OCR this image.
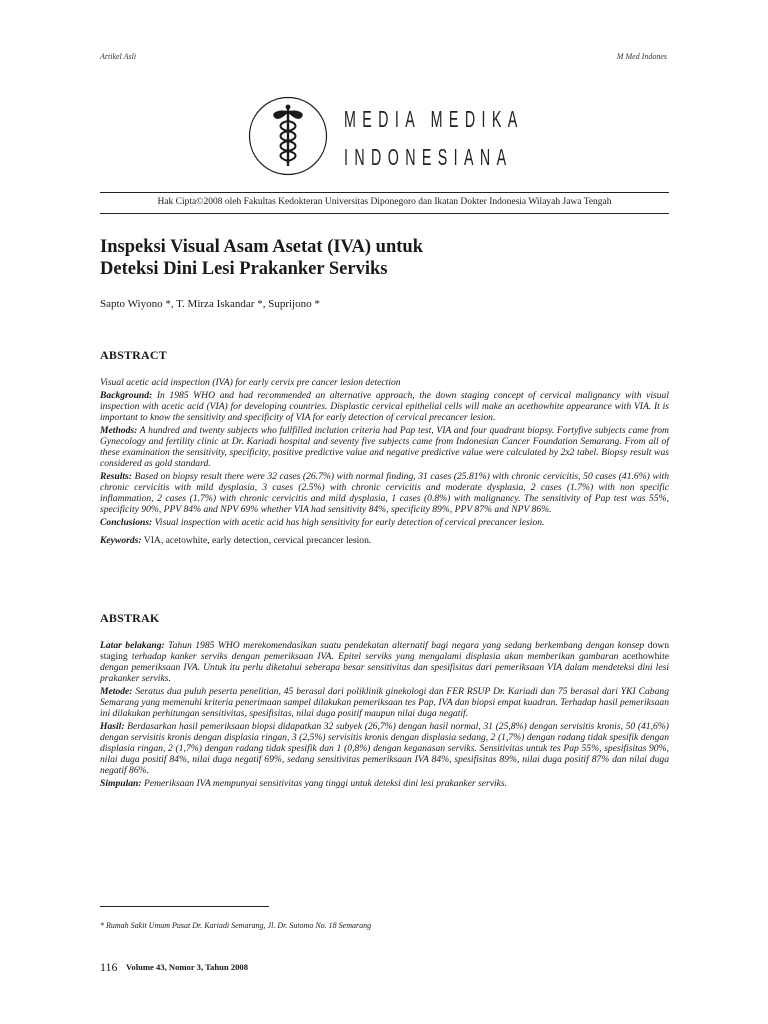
Artikel Asli	M Med Indones
MEDIA MEDIKA
INDONESIANA
Hak Cipta©2008 oleh Fakultas Kedokteran Universitas Diponegoro dan Ikatan Dokter Indonesia Wilayah Jawa Tengah
Inspeksi Visual Asam Asetat (IVA) untuk
Deteksi Dini Lesi Prakanker Serviks
Sapto Wiyono *, T. Mirza Iskandar *, Suprijono *
ABSTRACT

Visual acetic acid inspection (IVA) for early cervix pre cancer lesion detection

Background: In 1985 WHO and had recommended an alternative approach, the down staging concept of cervical malignancy with visual inspection with acetic acid (VIA) for developing countries. Displastic cervical epithelial cells will make an acethowhite appearance with VIA. It is important to know the sensitivity and specificity of VIA for early detection of cervical precancer lesion.

Methods: A hundred and twenty subjects who fullfilled inclution criteria had Pap test, VIA and four quadrant biopsy. Fortyfive subjects came from Gynecology and fertility clinic at Dr. Kariadi hospital and seventy five subjects came from Indonesian Cancer Foundation Semarang. From all of these examination the sensitivity, specificity, positive predictive value and negative predictive value were calculated by 2x2 tabel. Biopsy result was considered as gold standard.

Results: Based on biopsy result there were 32 cases (26.7%) with normal finding, 31 cases (25.81%) with chronic cervicitis, 50 cases (41.6%) with chronic cervicitis with mild dysplasia, 3 cases (2.5%) with chronic cervicitis and moderate dysplasia, 2 cases (1.7%) with non specific inflammation, 2 cases (1.7%) with chronic cervicitis and mild dysplasia, 1 cases (0.8%) with malignancy. The sensitivity of Pap test was 55%, specificity 90%, PPV 84% and NPV 69% whether VIA had sensitivity 84%, specificity 89%, PPV 87% and NPV 86%.

Conclusions: Visual inspection with acetic acid has high sensitivity for early detection of cervical precancer lesion.

Keywords: VIA, acetowhite, early detection, cervical precancer lesion.

ABSTRAK

Latar belakang: Tahun 1985 WHO merekomendasikan suatu pendekatan alternatif bagi negara yang sedang berkembang dengan konsep down staging terhadap kanker serviks dengan pemeriksaan IVA. Epitel serviks yang mengalami displasia akan memberikan gambaran acethowhite dengan pemeriksaan IVA. Untuk itu perlu diketahui seberapa besar sensitivitas dan spesifisitas dari pemeriksaan VIA dalam mendeteksi dini lesi prakanker serviks.

Metode: Seratus dua puluh peserta penelitian, 45 berasal dari poliklinik ginekologi dan FER RSUP Dr. Kariadi dan 75 berasal dari YKI Cabang Semarang yang memenuhi kriteria penerimaan sampel dilakukan pemeriksaan tes Pap, IVA dan biopsi empat kuadran. Terhadap hasil pemeriksaan ini dilakukan perhitungan sensitivitas, spesifisitas, nilai duga positif maupun nilai duga negatif.

Hasil: Berdasarkan hasil pemeriksaan biopsi didapatkan 32 subyek (26,7%) dengan hasil normal, 31 (25,8%) dengan servisitis kronis, 50 (41,6%) dengan servisitis kronis dengan displasia ringan, 3 (2,5%) servisitis kronis dengan displasia sedang, 2 (1,7%) dengan radang tidak spesifik dengan displasia ringan, 2 (1,7%) dengan radang tidak spesifik dan 1 (0,8%) dengan keganasan serviks. Sensitivitas untuk tes Pap 55%, spesifisitas 90%, nilai duga positif 84%, nilai duga negatif 69%, sedang sensitivitas pemeriksaan IVA 84%, spesifisitas 89%, nilai duga positif 87% dan nilai duga negatif 86%.

Simpulan: Pemeriksaan IVA mempunyai sensitivitas yang tinggi untuk deteksi dini lesi prakanker serviks.

* Rumah Sakit Umum Pusat Dr. Kariadi Semarang, Jl. Dr. Sutomo No. 18 Semarang
116 Volume 43, Nomor 3, Tahun 2008
